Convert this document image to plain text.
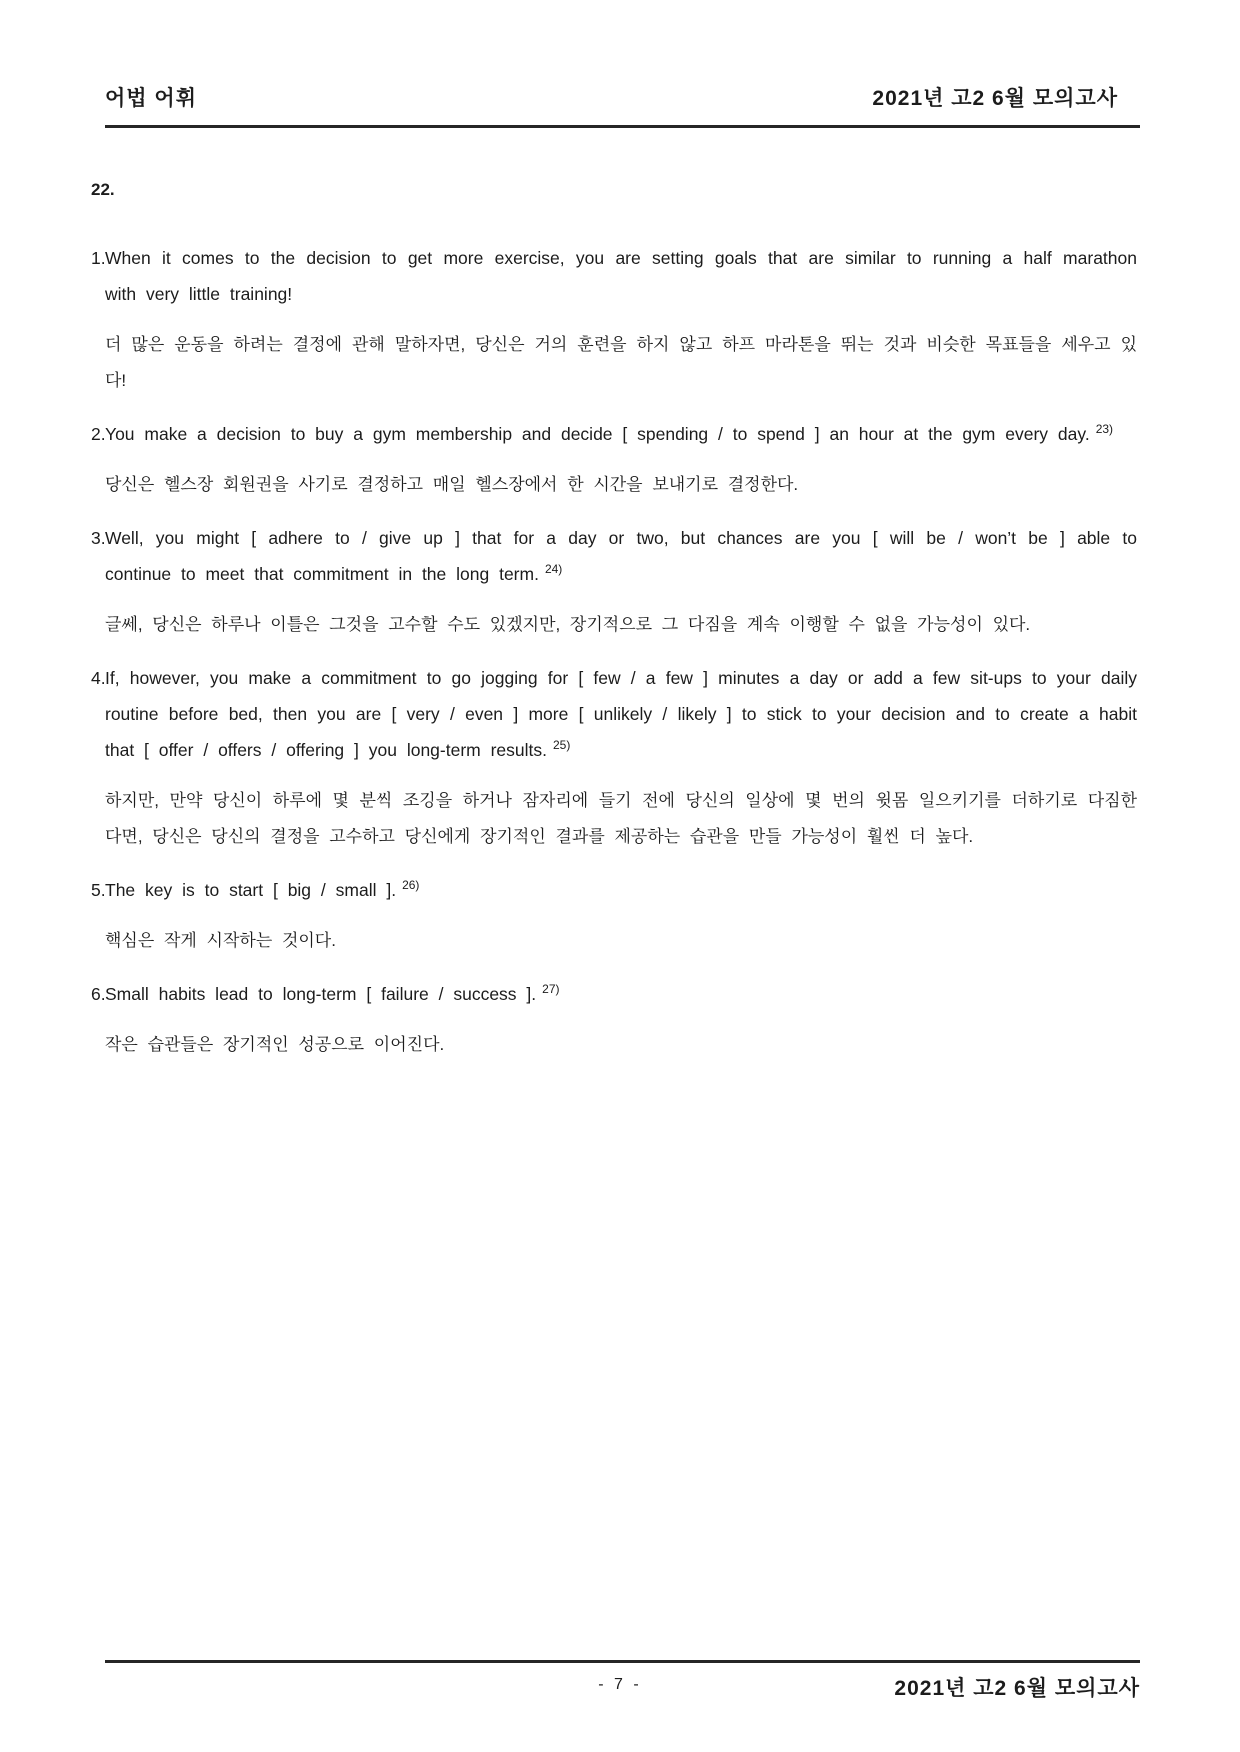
어법 어휘	2021년 고2 6월 모의고사
22.

1.When it comes to the decision to get more exercise, you are setting goals that are similar to running a half marathon with very little training!

더 많은 운동을 하려는 결정에 관해 말하자면, 당신은 거의 훈련을 하지 않고 하프 마라톤을 뛰는 것과 비슷한 목표들을 세우고 있다!

2.You make a decision to buy a gym membership and decide [ spending / to spend ] an hour at the gym every day. $^{23)}$

당신은 헬스장 회원권을 사기로 결정하고 매일 헬스장에서 한 시간을 보내기로 결정한다.

3.Well, you might [ adhere to / give up ] that for a day or two, but chances are you [ will be / won’t be ] able to continue to meet that commitment in the long term. $^{24)}$

글쎄, 당신은 하루나 이틀은 그것을 고수할 수도 있겠지만, 장기적으로 그 다짐을 계속 이행할 수 없을 가능성이 있다.

4.If, however, you make a commitment to go jogging for [ few / a few ] minutes a day or add a few sit-ups to your daily routine before bed, then you are [ very / even ] more [ unlikely / likely ] to stick to your decision and to create a habit that [ offer / offers / offering ] you long-term results. $^{25)}$

하지만, 만약 당신이 하루에 몇 분씩 조깅을 하거나 잠자리에 들기 전에 당신의 일상에 몇 번의 윗몸 일으키기를 더하기로 다짐한다면, 당신은 당신의 결정을 고수하고 당신에게 장기적인 결과를 제공하는 습관을 만들 가능성이 훨씬 더 높다.

5.The key is to start [ big / small ]. $^{26)}$

핵심은 작게 시작하는 것이다.

6.Small habits lead to long-term [ failure / success ]. $^{27)}$

작은 습관들은 장기적인 성공으로 이어진다.

- 7 -	2021년 고2 6월 모의고사
